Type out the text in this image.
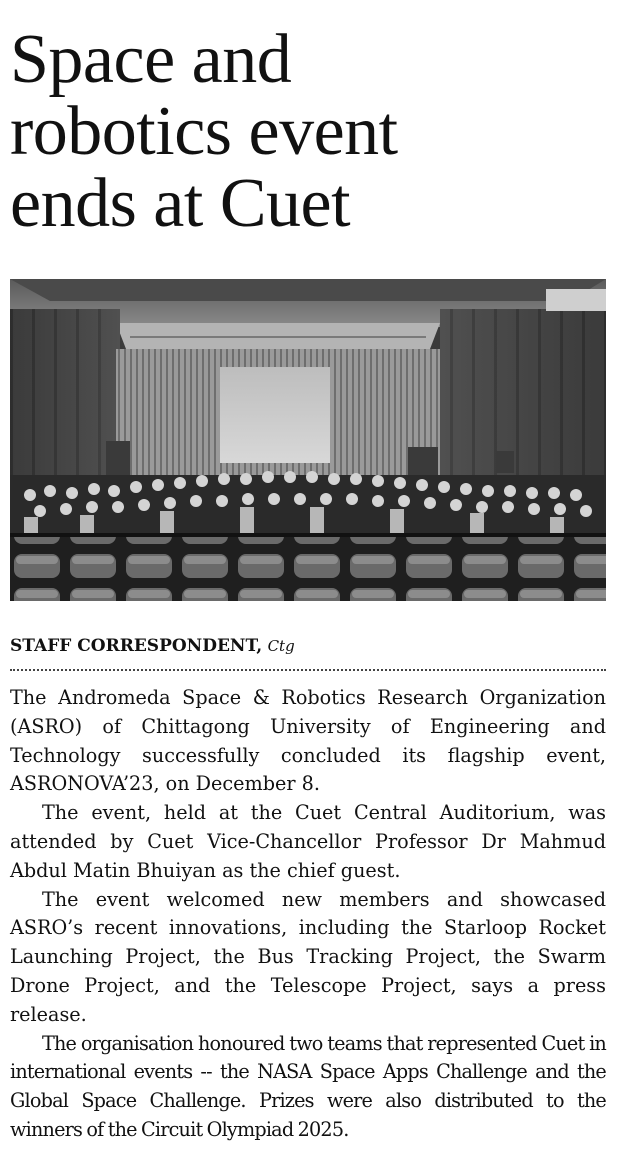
Space and
robotics event
ends at Cuet

STAFF CORRESPONDENT, Ctg

The Andromeda Space & Robotics Research Organization (ASRO) of Chittagong University of Engineering and Technology successfully concluded its flagship event, ASRONOVA’23, on December 8.

The event, held at the Cuet Central Auditorium, was attended by Cuet Vice-Chancellor Professor Dr Mahmud Abdul Matin Bhuiyan as the chief guest.

The event welcomed new members and showcased ASRO’s recent innovations, including the Starloop Rocket Launching Project, the Bus Tracking Project, the Swarm Drone Project, and the Telescope Project, says a press release.

The organisation honoured two teams that represented Cuet in international events -- the NASA Space Apps Challenge and the Global Space Challenge. Prizes were also distributed to the winners of the Circuit Olympiad 2025.
